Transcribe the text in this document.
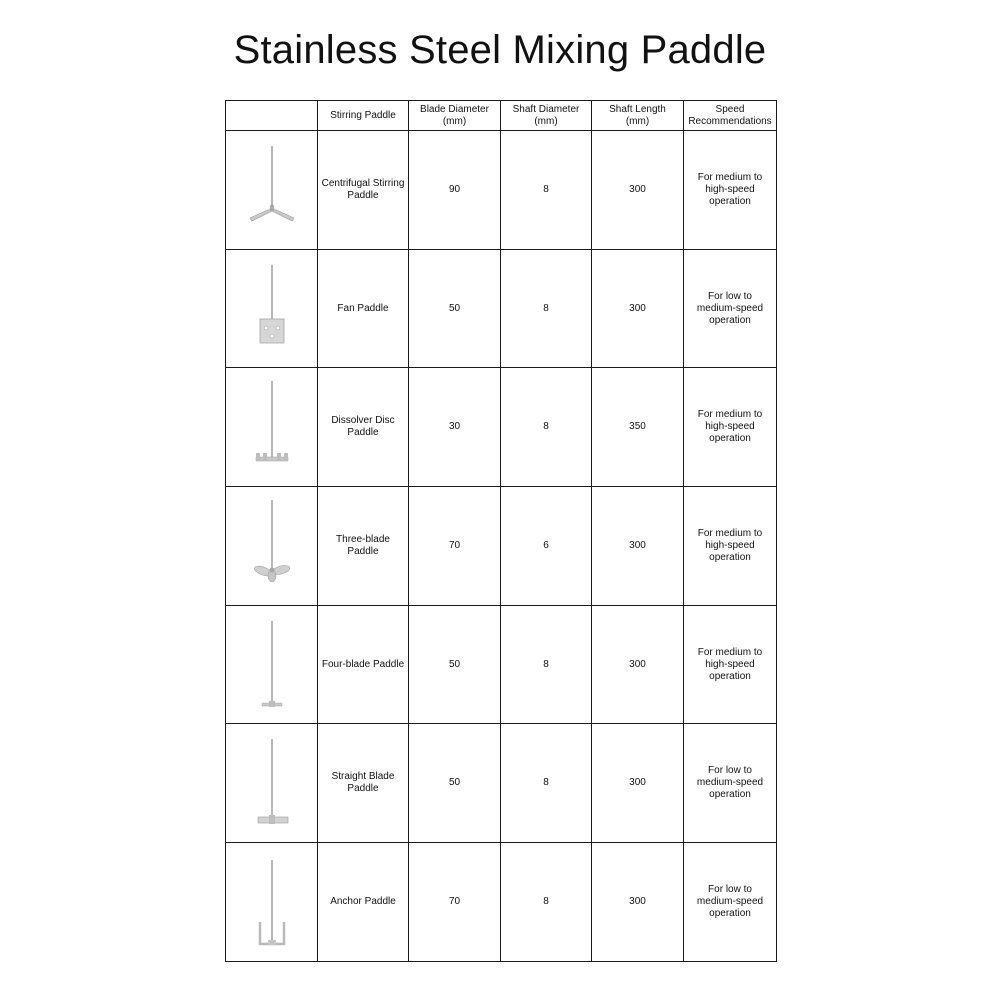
Stainless Steel Mixing Paddle
	Stirring Paddle	Blade Diameter
(mm)	Shaft Diameter
(mm)	Shaft Length
(mm)	Speed
Recommendations

	Centrifugal Stirring
Paddle	90	8	300	For medium to
high-speed
operation

	Fan Paddle	50	8	300	For low to
medium-speed
operation

	Dissolver Disc
Paddle	30	8	350	For medium to
high-speed
operation

	Three-blade
Paddle	70	6	300	For medium to
high-speed
operation

	Four-blade Paddle	50	8	300	For medium to
high-speed
operation

	Straight Blade
Paddle	50	8	300	For low to
medium-speed
operation

	Anchor Paddle	70	8	300	For low to
medium-speed
operation
